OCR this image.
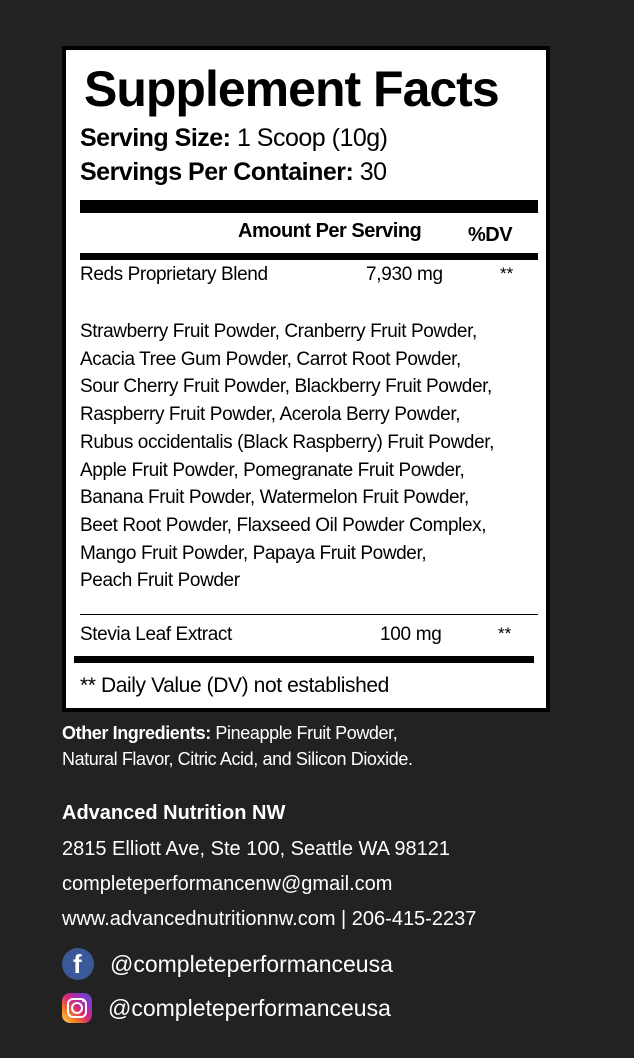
Supplement Facts
Serving Size: 1 Scoop (10g)
Servings Per Container: 30
Amount Per Serving %DV
Reds Proprietary Blend	7,930 mg	**
Strawberry Fruit Powder, Cranberry Fruit Powder,
Acacia Tree Gum Powder, Carrot Root Powder,
Sour Cherry Fruit Powder, Blackberry Fruit Powder,
Raspberry Fruit Powder, Acerola Berry Powder,
Rubus occidentalis (Black Raspberry) Fruit Powder,
Apple Fruit Powder, Pomegranate Fruit Powder,
Banana Fruit Powder, Watermelon Fruit Powder,
Beet Root Powder, Flaxseed Oil Powder Complex,
Mango Fruit Powder, Papaya Fruit Powder,
Peach Fruit Powder
Stevia Leaf Extract	100 mg	**
** Daily Value (DV) not established
Other Ingredients: Pineapple Fruit Powder,
Natural Flavor, Citric Acid, and Silicon Dioxide.
Advanced Nutrition NW
2815 Elliott Ave, Ste 100, Seattle WA 98121
completeperformancenw@gmail.com
www.advancednutritionnw.com | 206-415-2237
f @completeperformanceusa
@completeperformanceusa
